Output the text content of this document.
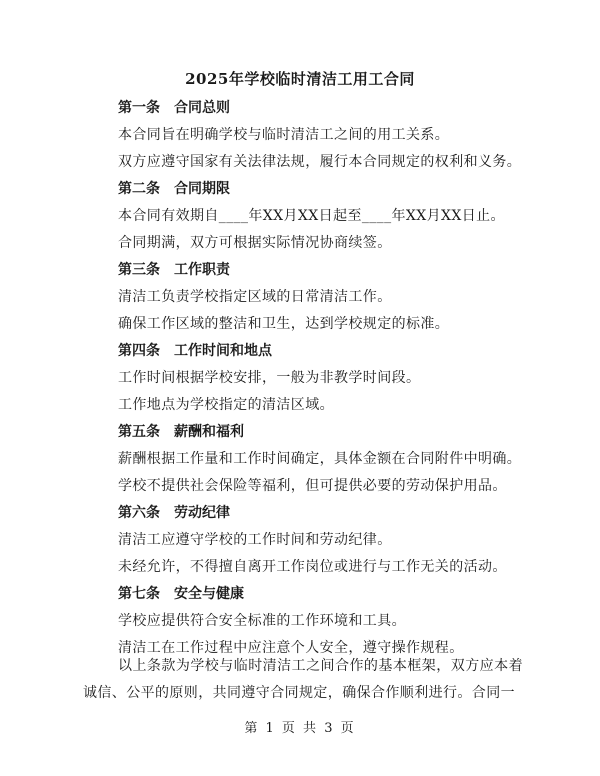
2025年学校临时清洁工用工合同

第一条　合同总则

本合同旨在明确学校与临时清洁工之间的用工关系。

双方应遵守国家有关法律法规，履行本合同规定的权利和义务。

第二条　合同期限

本合同有效期自____年XX月XX日起至____年XX月XX日止。

合同期满，双方可根据实际情况协商续签。

第三条　工作职责

清洁工负责学校指定区域的日常清洁工作。

确保工作区域的整洁和卫生，达到学校规定的标准。

第四条　工作时间和地点

工作时间根据学校安排，一般为非教学时间段。

工作地点为学校指定的清洁区域。

第五条　薪酬和福利

薪酬根据工作量和工作时间确定，具体金额在合同附件中明确。

学校不提供社会保险等福利，但可提供必要的劳动保护用品。

第六条　劳动纪律

清洁工应遵守学校的工作时间和劳动纪律。

未经允许，不得擅自离开工作岗位或进行与工作无关的活动。

第七条　安全与健康

学校应提供符合安全标准的工作环境和工具。

清洁工在工作过程中应注意个人安全，遵守操作规程。

以上条款为学校与临时清洁工之间合作的基本框架，双方应本着诚信、公平的原则，共同遵守合同规定，确保合作顺利进行。合同一

第 1 页 共 3 页
